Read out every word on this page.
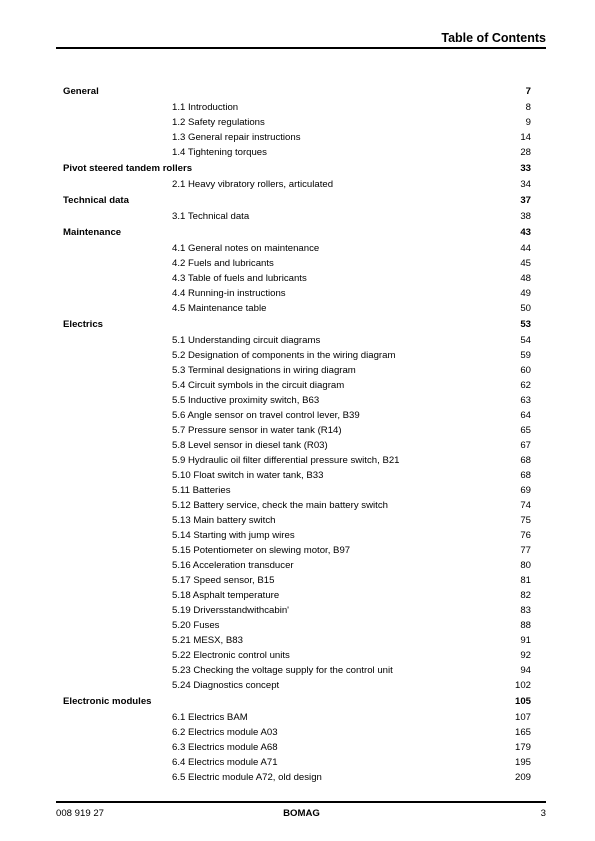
Table of Contents
General	7
1.1 Introduction	8
1.2 Safety regulations	9
1.3 General repair instructions	14
1.4 Tightening torques	28
Pivot steered tandem rollers	33
2.1 Heavy vibratory rollers, articulated	34
Technical data	37
3.1 Technical data	38
Maintenance	43
4.1 General notes on maintenance	44
4.2 Fuels and lubricants	45
4.3 Table of fuels and lubricants	48
4.4 Running-in instructions	49
4.5 Maintenance table	50
Electrics	53
5.1 Understanding circuit diagrams	54
5.2 Designation of components in the wiring diagram	59
5.3 Terminal designations in wiring diagram	60
5.4 Circuit symbols in the circuit diagram	62
5.5 Inductive proximity switch, B63	63
5.6 Angle sensor on travel control lever, B39	64
5.7 Pressure sensor in water tank (R14)	65
5.8 Level sensor in diesel tank (R03)	67
5.9 Hydraulic oil filter differential pressure switch, B21	68
5.10 Float switch in water tank, B33	68
5.11 Batteries	69
5.12 Battery service, check the main battery switch	74
5.13 Main battery switch	75
5.14 Starting with jump wires	76
5.15 Potentiometer on slewing motor, B97	77
5.16 Acceleration transducer	80
5.17 Speed sensor, B15	81
5.18 Asphalt temperature	82
5.19 Driversstandwithcabin'	83
5.20 Fuses	88
5.21 MESX, B83	91
5.22 Electronic control units	92
5.23 Checking the voltage supply for the control unit	94
5.24 Diagnostics concept	102
Electronic modules	105
6.1 Electrics BAM	107
6.2 Electrics module A03	165
6.3 Electrics module A68	179
6.4 Electrics module A71	195
6.5 Electric module A72, old design	209
008 919 27	BOMAG	3
